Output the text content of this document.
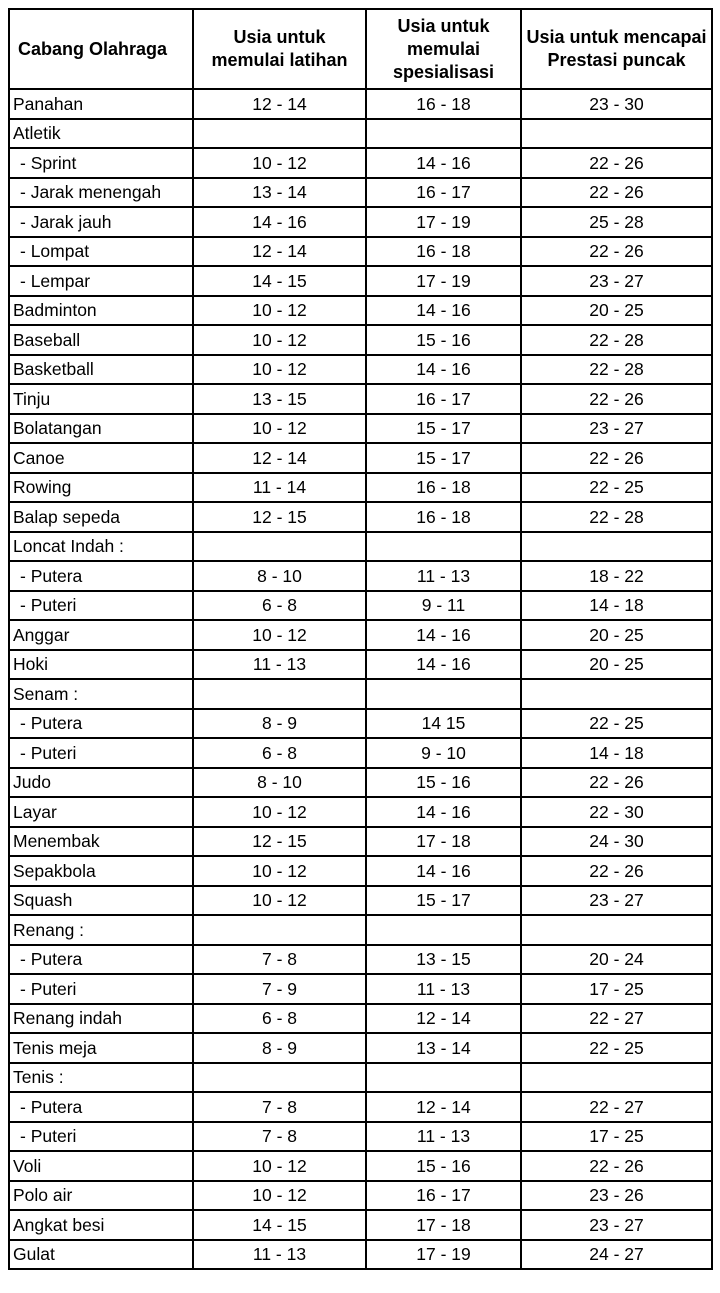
Cabang Olahraga	Usia untuk memulai latihan	Usia untuk memulai spesialisasi	Usia untuk mencapai Prestasi puncak
Panahan	12 - 14	16 - 18	23 - 30
Atletik			
- Sprint	10 - 12	14 - 16	22 - 26
- Jarak menengah	13 - 14	16 - 17	22 - 26
- Jarak jauh	14 - 16	17 - 19	25 - 28
- Lompat	12 - 14	16 - 18	22 - 26
- Lempar	14 - 15	17 - 19	23 - 27
Badminton	10 - 12	14 - 16	20 - 25
Baseball	10 - 12	15 - 16	22 - 28
Basketball	10 - 12	14 - 16	22 - 28
Tinju	13 - 15	16 - 17	22 - 26
Bolatangan	10 - 12	15 - 17	23 - 27
Canoe	12 - 14	15 - 17	22 - 26
Rowing	11 - 14	16 - 18	22 - 25
Balap sepeda	12 - 15	16 - 18	22 - 28
Loncat Indah :			
- Putera	8 - 10	11 - 13	18 - 22
- Puteri	6 - 8	9 - 11	14 - 18
Anggar	10 - 12	14 - 16	20 - 25
Hoki	11 - 13	14 - 16	20 - 25
Senam :			
- Putera	8 - 9	14 15	22 - 25
- Puteri	6 - 8	9 - 10	14 - 18
Judo	8 - 10	15 - 16	22 - 26
Layar	10 - 12	14 - 16	22 - 30
Menembak	12 - 15	17 - 18	24 - 30
Sepakbola	10 - 12	14 - 16	22 - 26
Squash	10 - 12	15 - 17	23 - 27
Renang :			
- Putera	7 - 8	13 - 15	20 - 24
- Puteri	7 - 9	11 - 13	17 - 25
Renang indah	6 - 8	12 - 14	22 - 27
Tenis meja	8 - 9	13 - 14	22 - 25
Tenis :			
- Putera	7 - 8	12 - 14	22 - 27
- Puteri	7 - 8	11 - 13	17 - 25
Voli	10 - 12	15 - 16	22 - 26
Polo air	10 - 12	16 - 17	23 - 26
Angkat besi	14 - 15	17 - 18	23 - 27
Gulat	11 - 13	17 - 19	24 - 27
